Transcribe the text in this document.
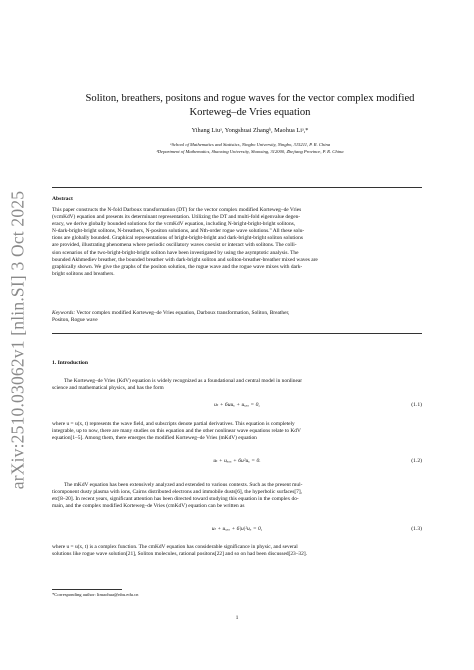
arXiv:2510.03062v1 [nlin.SI] 3 Oct 2025
Soliton, breathers, positons and rogue waves for the vector complex modified
Korteweg–de Vries equation
Yihang Liuᵃ, Yongshuai Zhangᵇ, Maohua Liᵃ,*
ᵃSchool of Mathematics and Statistics, Ningbo University, Ningbo, 315211, P. R. China
ᵇDepartment of Mathematics, Shaoxing University, Shaoxing, 312000, Zhejiang Province, P. R. China
Abstract
This paper constructs the N-fold Darboux transformation (DT) for the vector complex modified Korteweg–de Vries
(vcmKdV) equation and presents its determinant representation. Utilizing the DT and multi-fold eigenvalue degen-
eracy, we derive globally bounded solutions for the vcmKdV equation, including N-bright-bright-bright solitons,
N-dark-bright-bright solitons, N-breathers, N-positon solutions, and Nth-order rogue wave solutions." All these solu-
tions are globally bounded. Graphical representations of bright-bright-bright and dark-bright-bright soliton solutions
are provided, illustrating phenomena where periodic oscillatory waves coexist or interact with solitons. The colli-
sion scenarios of the two-bright-bright-bright soliton have been investigated by using the asymptotic analysis. The
bounded Akhmediev breather, the bounded breather with dark-bright soliton and soliton-breather-breather mixed waves are
graphically shown. We give the graphs of the positon solution, the rogue wave and the rogue wave mixes with dark-
bright solitons and breathers.
Keywords: Vector complex modified Korteweg–de Vries equation, Darboux transformation, Soliton, Breather,
Positon, Rogue wave
1. Introduction
The Korteweg–de Vries (KdV) equation is widely recognized as a foundational and central model in nonlinear
science and mathematical physics, and has the form
uₜ + 6uuₓ + uₓₓₓ = 0,	(1.1)
where u = u(x, t) represents the wave field, and subscripts denote partial derivatives. This equation is completely
integrable, up to now, there are many studies on this equation and the other nonlinear wave equations relate to KdV
equation[1–5]. Among them, there emerges the modified Korteweg–de Vries (mKdV) equation
uₜ + uₓₓₓ + 6u²uₓ = 0.	(1.2)
The mKdV equation has been extensively analyzed and extended to various contexts. Such as the present mul-
ticomponent dusty plasma with ions, Cairns distributed electrons and immobile dusts[6], the hyperbolic surfaces[7],
etc[8–20]. In recent years, significant attention has been directed toward studying this equation in the complex do-
main, and the complex modified Korteweg–de Vries (cmKdV) equation can be written as
uₜ + uₓₓₓ + 6|u|²uₓ = 0,	(1.3)
where u = u(x, t) is a complex function. The cmKdV equation has considerable significance in physic, and several
solutions like rogue wave solution[21], Soliton molecules, rational positons[22] and so on had been discussed[23–32].
*Corresponding author: limaohua@nbu.edu.cn
1
